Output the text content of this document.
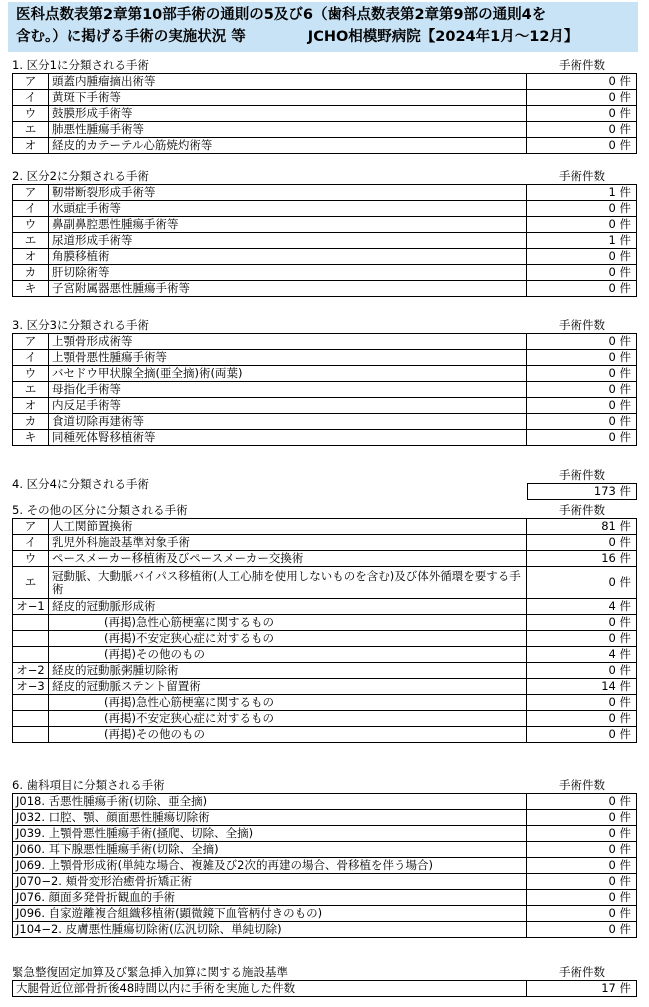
医科点数表第2章第10部手術の通則の5及び6（歯科点数表第2章第9部の通則4を
含む。）に掲げる手術の実施状況 等	JCHO相模野病院【2024年1月～12月】
1. 区分1に分類される手術	手術件数
ア	頭蓋内腫瘤摘出術等	0 件
イ	黄斑下手術等	0 件
ウ	鼓膜形成手術等	0 件
エ	肺悪性腫瘍手術等	0 件
オ	経皮的カテーテル心筋焼灼術等	0 件
2. 区分2に分類される手術	手術件数
ア	靭帯断裂形成手術等	1 件
イ	水頭症手術等	0 件
ウ	鼻副鼻腔悪性腫瘍手術等	0 件
エ	尿道形成手術等	1 件
オ	角膜移植術	0 件
カ	肝切除術等	0 件
キ	子宮附属器悪性腫瘍手術等	0 件
3. 区分3に分類される手術	手術件数
ア	上顎骨形成術等	0 件
イ	上顎骨悪性腫瘍手術等	0 件
ウ	バセドウ甲状腺全摘(亜全摘)術(両葉)	0 件
エ	母指化手術等	0 件
オ	内反足手術等	0 件
カ	食道切除再建術等	0 件
キ	同種死体腎移植術等	0 件
4. 区分4に分類される手術
手術件数
173 件
5. その他の区分に分類される手術	手術件数
ア	人工関節置換術	81 件
イ	乳児外科施設基準対象手術	0 件
ウ	ペースメーカー移植術及びペースメーカー交換術	16 件
エ	冠動脈、大動脈バイパス移植術(人工心肺を使用しないものを含む)及び体外循環を要する手術	0 件
オ−1	経皮的冠動脈形成術	4 件
	(再掲)急性心筋梗塞に関するもの	0 件
	(再掲)不安定狭心症に対するもの	0 件
	(再掲)その他のもの	4 件
オ−2	経皮的冠動脈粥腫切除術	0 件
オ−3	経皮的冠動脈ステント留置術	14 件
	(再掲)急性心筋梗塞に関するもの	0 件
	(再掲)不安定狭心症に対するもの	0 件
	(再掲)その他のもの	0 件
6. 歯科項目に分類される手術	手術件数
J018. 舌悪性腫瘍手術(切除、亜全摘)	0 件
J032. 口腔、顎、顔面悪性腫瘍切除術	0 件
J039. 上顎骨悪性腫瘍手術(掻爬、切除、全摘)	0 件
J060. 耳下腺悪性腫瘍手術(切除、全摘)	0 件
J069. 上顎骨形成術(単純な場合、複雑及び2次的再建の場合、骨移植を伴う場合)	0 件
J070−2. 頬骨変形治癒骨折矯正術	0 件
J076. 顔面多発骨折観血的手術	0 件
J096. 自家遊離複合組織移植術(顕微鏡下血管柄付きのもの)	0 件
J104−2. 皮膚悪性腫瘍切除術(広汎切除、単純切除)	0 件
緊急整復固定加算及び緊急挿入加算に関する施設基準	手術件数
大腿骨近位部骨折後48時間以内に手術を実施した件数	17 件
